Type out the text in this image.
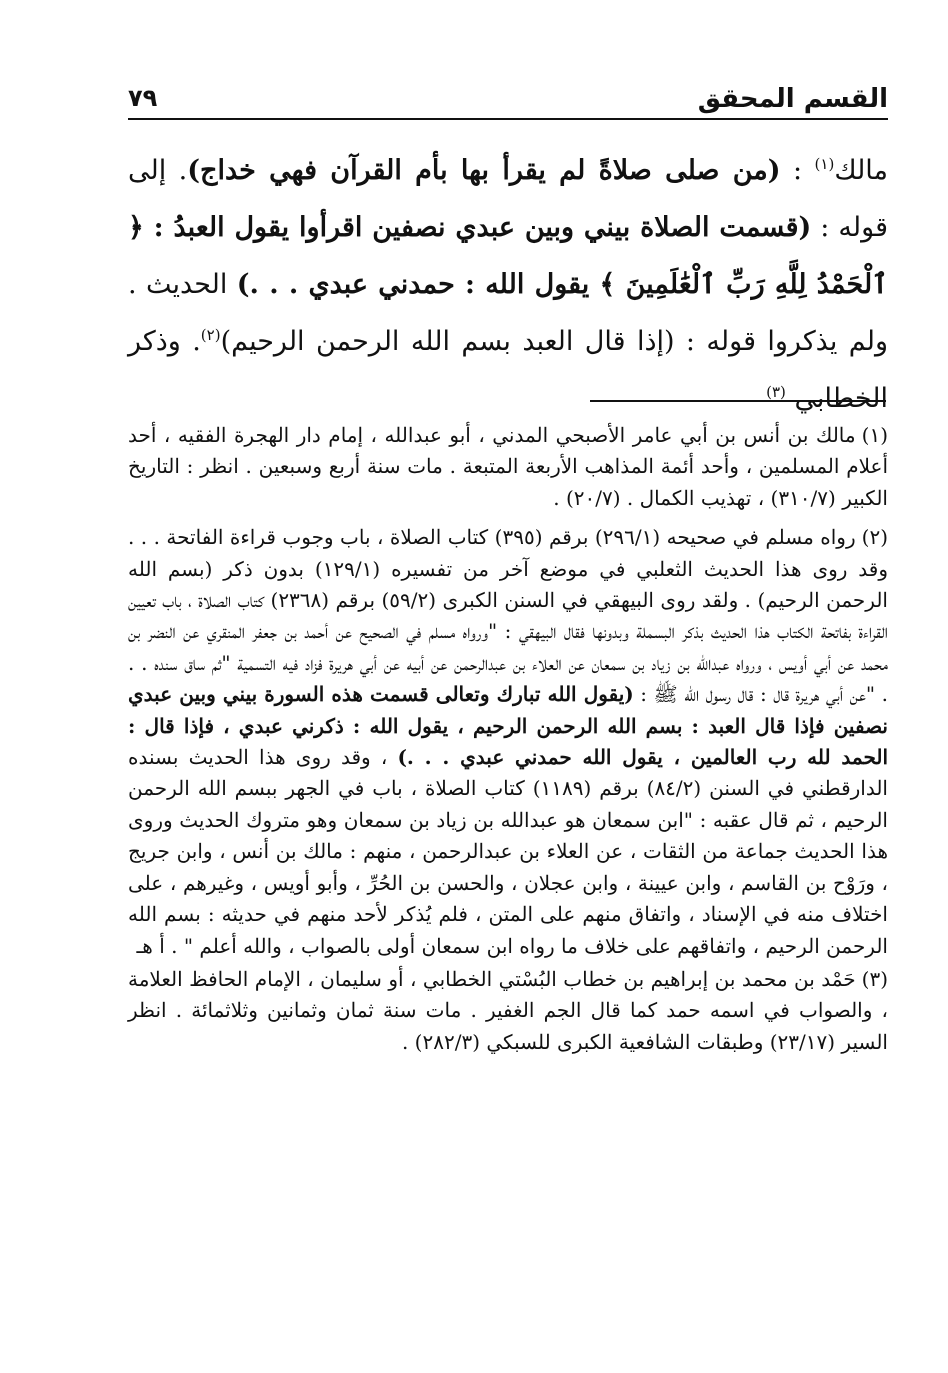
القسم المحقق
٧٩

مالك$^{(١)}$ : (من صلى صلاةً لم يقرأ بها بأم القرآن فهي خداج). إلى قوله : (قسمت الصلاة بيني وبين عبدي نصفين اقرأوا يقول العبدُ : ﴿ ٱلْحَمْدُ لِلَّهِ رَبِّ ٱلْعَٰلَمِينَ ﴾ يقول الله : حمدني عبدي . . .) الحديث . ولم يذكروا قوله : (إذا قال العبد بسم الله الرحمن الرحيم)$^{(٢)}$. وذكر الخطابي $^{(٣)}$

(١)مالك بن أنس بن أبي عامر الأصبحي المدني ، أبو عبدالله ، إمام دار الهجرة الفقيه ، أحد أعلام المسلمين ، وأحد أئمة المذاهب الأربعة المتبعة . مات سنة أربع وسبعين . انظر : التاريخ الكبير (٣١٠/٧) ، تهذيب الكمال . (٢٠/٧) .

(٢)رواه مسلم في صحيحه (٢٩٦/١) برقم (٣٩٥) كتاب الصلاة ، باب وجوب قراءة الفاتحة . . . وقد روى هذا الحديث الثعلبي في موضع آخر من تفسيره (١٢٩/١) بدون ذكر (بسم الله الرحمن الرحيم) . ولقد روى البيهقي في السنن الكبرى (٥٩/٢) برقم (٢٣٦٨) كتاب الصلاة ، باب تعيين القراءة بفاتحة الكتاب هذا الحديث بذكر البسملة وبدونها فقال البيهقي : "ورواه مسلم في الصحيح عن أحمد بن جعفر المنقري عن النضر بن محمد عن أبي أويس ، ورواه عبدالله بن زياد بن سمعان عن العلاء بن عبدالرحمن عن أبيه عن أبي هريرة فزاد فيه التسمية "ثم ساق سنده . . . "عن أبي هريرة قال : قال رسول الله ﷺ : (يقول الله تبارك وتعالى قسمت هذه السورة بيني وبين عبدي نصفين فإذا قال العبد : بسم الله الرحمن الرحيم ، يقول الله : ذكرني عبدي ، فإذا قال : الحمد لله رب العالمين ، يقول الله حمدني عبدي . . .) ، وقد روى هذا الحديث بسنده الدارقطني في السنن (٨٤/٢) برقم (١١٨٩) كتاب الصلاة ، باب في الجهر ببسم الله الرحمن الرحيم ، ثم قال عقبه : "ابن سمعان هو عبدالله بن زياد بن سمعان وهو متروك الحديث وروى هذا الحديث جماعة من الثقات ، عن العلاء بن عبدالرحمن ، منهم : مالك بن أنس ، وابن جريج ، ورَوْح بن القاسم ، وابن عيينة ، وابن عجلان ، والحسن بن الحُرِّ ، وأبو أويس ، وغيرهم ، على اختلاف منه في الإسناد ، واتفاق منهم على المتن ، فلم يُذكر لأحد منهم في حديثه : بسم الله الرحمن الرحيم ، واتفاقهم على خلاف ما رواه ابن سمعان أولى بالصواب ، والله أعلم " . أ هـ

(٣)حَمْد بن محمد بن إبراهيم بن خطاب البُسْتي الخطابي ، أو سليمان ، الإمام الحافظ العلامة ، والصواب في اسمه حمد كما قال الجم الغفير . مات سنة ثمان وثمانين وثلاثمائة . انظر السير (٢٣/١٧) وطبقات الشافعية الكبرى للسبكي (٢٨٢/٣) .
